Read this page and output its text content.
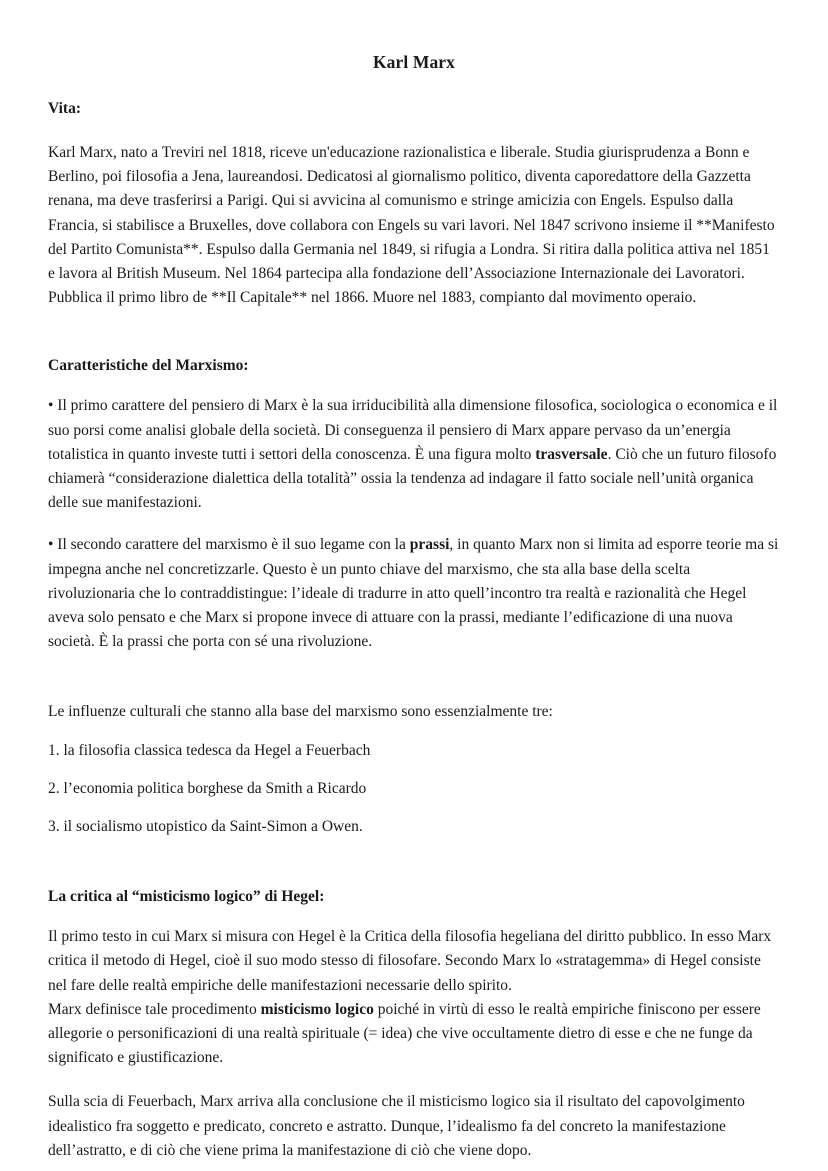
Karl Marx
Vita:

Karl Marx, nato a Treviri nel 1818, riceve un'educazione razionalistica e liberale. Studia giurisprudenza a Bonn e Berlino, poi filosofia a Jena, laureandosi. Dedicatosi al giornalismo politico, diventa caporedattore della Gazzetta renana, ma deve trasferirsi a Parigi. Qui si avvicina al comunismo e stringe amicizia con Engels. Espulso dalla Francia, si stabilisce a Bruxelles, dove collabora con Engels su vari lavori. Nel 1847 scrivono insieme il **Manifesto del Partito Comunista**. Espulso dalla Germania nel 1849, si rifugia a Londra. Si ritira dalla politica attiva nel 1851 e lavora al British Museum. Nel 1864 partecipa alla fondazione dell’Associazione Internazionale dei Lavoratori. Pubblica il primo libro de **Il Capitale** nel 1866. Muore nel 1883, compianto dal movimento operaio.

Caratteristiche del Marxismo:

• Il primo carattere del pensiero di Marx è la sua irriducibilità alla dimensione filosofica, sociologica o economica e il suo porsi come analisi globale della società. Di conseguenza il pensiero di Marx appare pervaso da un’energia totalistica in quanto investe tutti i settori della conoscenza. È una figura molto trasversale. Ciò che un futuro filosofo chiamerà “considerazione dialettica della totalità” ossia la tendenza ad indagare il fatto sociale nell’unità organica delle sue manifestazioni.

• Il secondo carattere del marxismo è il suo legame con la prassi, in quanto Marx non si limita ad esporre teorie ma si impegna anche nel concretizzarle. Questo è un punto chiave del marxismo, che sta alla base della scelta rivoluzionaria che lo contraddistingue: l’ideale di tradurre in atto quell’incontro tra realtà e razionalità che Hegel aveva solo pensato e che Marx si propone invece di attuare con la prassi, mediante l’edificazione di una nuova società. È la prassi che porta con sé una rivoluzione.

Le influenze culturali che stanno alla base del marxismo sono essenzialmente tre:

1. la filosofia classica tedesca da Hegel a Feuerbach

2. l’economia politica borghese da Smith a Ricardo

3. il socialismo utopistico da Saint-Simon a Owen.

La critica al “misticismo logico” di Hegel:

Il primo testo in cui Marx si misura con Hegel è la Critica della filosofia hegeliana del diritto pubblico. In esso Marx critica il metodo di Hegel, cioè il suo modo stesso di filosofare. Secondo Marx lo «stratagemma» di Hegel consiste nel fare delle realtà empiriche delle manifestazioni necessarie dello spirito.

Marx definisce tale procedimento misticismo logico poiché in virtù di esso le realtà empiriche finiscono per essere allegorie o personificazioni di una realtà spirituale (= idea) che vive occultamente dietro di esse e che ne funge da significato e giustificazione.

Sulla scia di Feuerbach, Marx arriva alla conclusione che il misticismo logico sia il risultato del capovolgimento idealistico fra soggetto e predicato, concreto e astratto. Dunque, l’idealismo fa del concreto la manifestazione dell’astratto, e di ciò che viene prima la manifestazione di ciò che viene dopo.
